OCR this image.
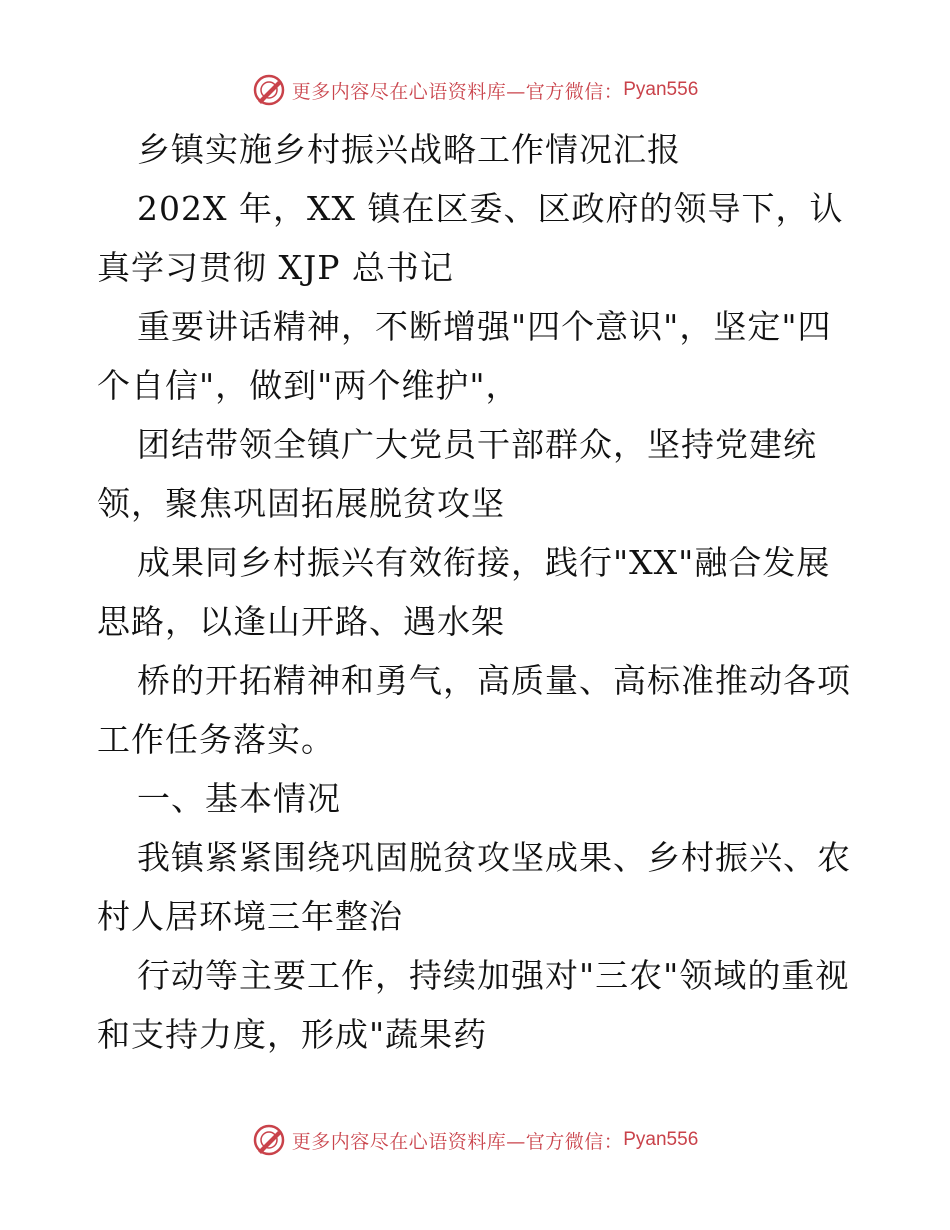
更多内容尽在心语资料库—官方微信： Pyan556

乡镇实施乡村振兴战略工作情况汇报

202X 年，XX 镇在区委、区政府的领导下，认真学习贯彻 XJP 总书记

重要讲话精神，不断增强"四个意识"，坚定"四个自信"，做到"两个维护"，

团结带领全镇广大党员干部群众，坚持党建统领，聚焦巩固拓展脱贫攻坚

成果同乡村振兴有效衔接，践行"XX"融合发展思路，以逢山开路、遇水架

桥的开拓精神和勇气，高质量、高标准推动各项工作任务落实。

一、基本情况

我镇紧紧围绕巩固脱贫攻坚成果、乡村振兴、农村人居环境三年整治

行动等主要工作，持续加强对"三农"领域的重视和支持力度，形成"蔬果药

更多内容尽在心语资料库—官方微信： Pyan556
